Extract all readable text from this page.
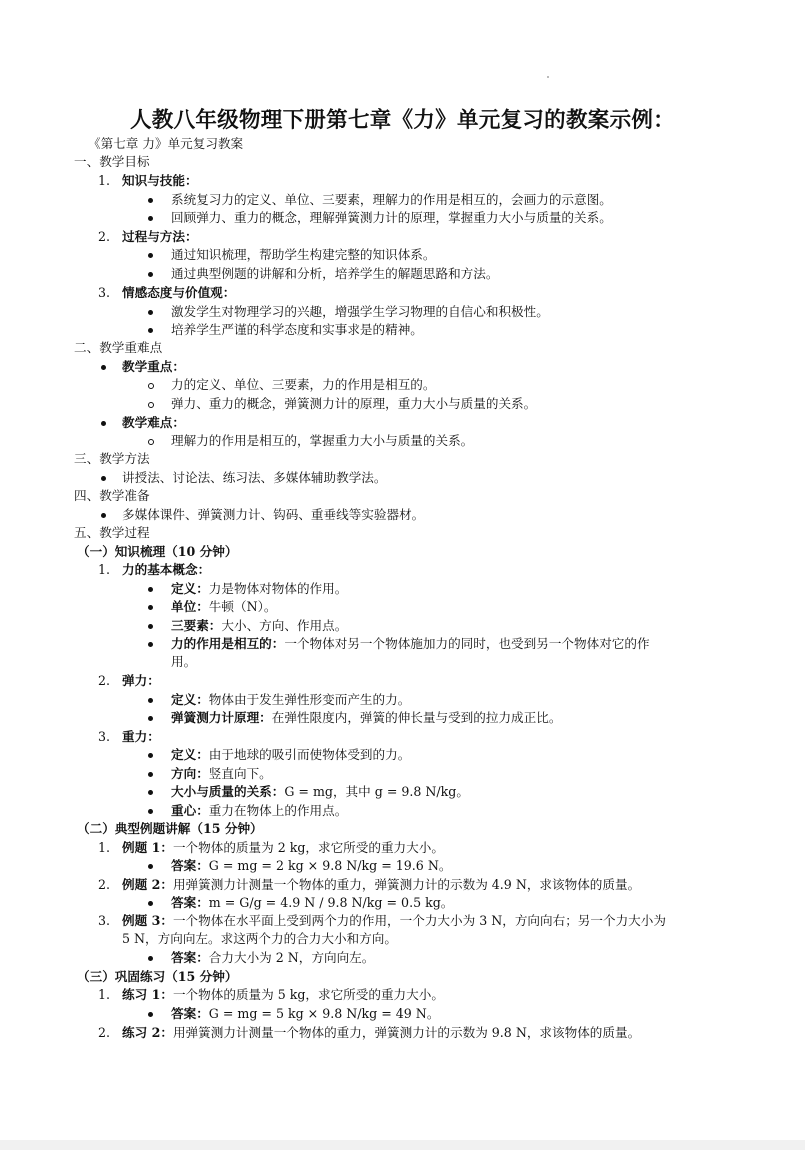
人教八年级物理下册第七章《力》单元复习的教案示例：
《第七章 力》单元复习教案
一、教学目标
1. 知识与技能：
系统复习力的定义、单位、三要素，理解力的作用是相互的，会画力的示意图。
回顾弹力、重力的概念，理解弹簧测力计的原理，掌握重力大小与质量的关系。
2. 过程与方法：
通过知识梳理，帮助学生构建完整的知识体系。
通过典型例题的讲解和分析，培养学生的解题思路和方法。
3. 情感态度与价值观：
激发学生对物理学习的兴趣，增强学生学习物理的自信心和积极性。
培养学生严谨的科学态度和实事求是的精神。
二、教学重难点
教学重点：
力的定义、单位、三要素，力的作用是相互的。
弹力、重力的概念，弹簧测力计的原理，重力大小与质量的关系。
教学难点：
理解力的作用是相互的，掌握重力大小与质量的关系。
三、教学方法
讲授法、讨论法、练习法、多媒体辅助教学法。
四、教学准备
多媒体课件、弹簧测力计、钩码、重垂线等实验器材。
五、教学过程
（一）知识梳理（10 分钟）
1. 力的基本概念：
定义：力是物体对物体的作用。
单位：牛顿（N）。
三要素：大小、方向、作用点。
力的作用是相互的：一个物体对另一个物体施加力的同时，也受到另一个物体对它的作
用。
2. 弹力：
定义：物体由于发生弹性形变而产生的力。
弹簧测力计原理：在弹性限度内，弹簧的伸长量与受到的拉力成正比。
3. 重力：
定义：由于地球的吸引而使物体受到的力。
方向：竖直向下。
大小与质量的关系：G = mg，其中 g = 9.8 N/kg。
重心：重力在物体上的作用点。
（二）典型例题讲解（15 分钟）
1. 例题 1：一个物体的质量为 2 kg，求它所受的重力大小。
答案：G = mg = 2 kg × 9.8 N/kg = 19.6 N。
2. 例题 2：用弹簧测力计测量一个物体的重力，弹簧测力计的示数为 4.9 N，求该物体的质量。
答案：m = G/g = 4.9 N / 9.8 N/kg = 0.5 kg。
3. 例题 3：一个物体在水平面上受到两个力的作用，一个力大小为 3 N，方向向右；另一个力大小为
5 N，方向向左。求这两个力的合力大小和方向。
答案：合力大小为 2 N，方向向左。
（三）巩固练习（15 分钟）
1. 练习 1：一个物体的质量为 5 kg，求它所受的重力大小。
答案：G = mg = 5 kg × 9.8 N/kg = 49 N。
2. 练习 2：用弹簧测力计测量一个物体的重力，弹簧测力计的示数为 9.8 N，求该物体的质量。
